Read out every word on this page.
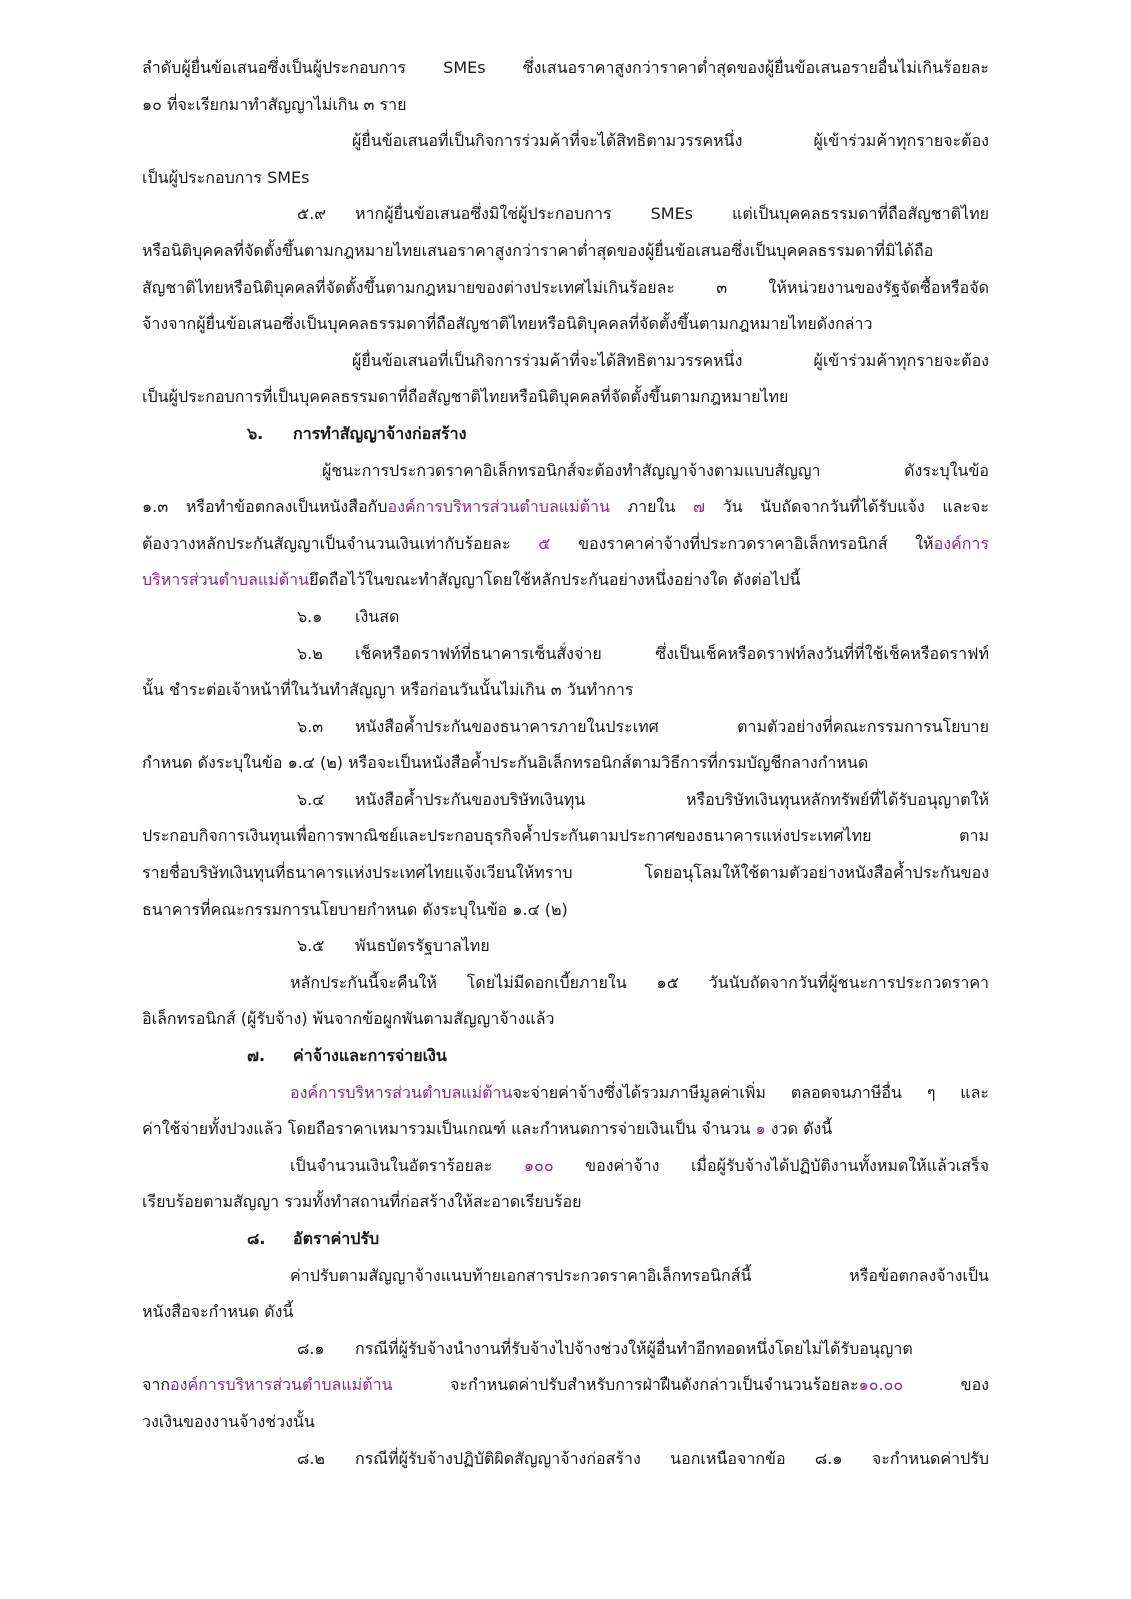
ลำดับผู้ยื่นข้อเสนอซึ่งเป็นผู้ประกอบการ SMEs ซึ่งเสนอราคาสูงกว่าราคาต่ำสุดของผู้ยื่นข้อเสนอรายอื่นไม่เกินร้อยละ
๑๐ ที่จะเรียกมาทำสัญญาไม่เกิน ๓ ราย
ผู้ยื่นข้อเสนอที่เป็นกิจการร่วมค้าที่จะได้สิทธิตามวรรคหนึ่ง ผู้เข้าร่วมค้าทุกรายจะต้อง
เป็นผู้ประกอบการ SMEs
๕.๙ หากผู้ยื่นข้อเสนอซึ่งมิใช่ผู้ประกอบการ SMEs แต่เป็นบุคคลธรรมดาที่ถือสัญชาติไทย
หรือนิติบุคคลที่จัดตั้งขึ้นตามกฎหมายไทยเสนอราคาสูงกว่าราคาต่ำสุดของผู้ยื่นข้อเสนอซึ่งเป็นบุคคลธรรมดาที่มิได้ถือ
สัญชาติไทยหรือนิติบุคคลที่จัดตั้งขึ้นตามกฎหมายของต่างประเทศไม่เกินร้อยละ ๓ ให้หน่วยงานของรัฐจัดซื้อหรือจัด
จ้างจากผู้ยื่นข้อเสนอซึ่งเป็นบุคคลธรรมดาที่ถือสัญชาติไทยหรือนิติบุคคลที่จัดตั้งขึ้นตามกฎหมายไทยดังกล่าว
ผู้ยื่นข้อเสนอที่เป็นกิจการร่วมค้าที่จะได้สิทธิตามวรรคหนึ่ง ผู้เข้าร่วมค้าทุกรายจะต้อง
เป็นผู้ประกอบการที่เป็นบุคคลธรรมดาที่ถือสัญชาติไทยหรือนิติบุคคลที่จัดตั้งขึ้นตามกฎหมายไทย
๖. การทำสัญญาจ้างก่อสร้าง
ผู้ชนะการประกวดราคาอิเล็กทรอนิกส์จะต้องทำสัญญาจ้างตามแบบสัญญา ดังระบุในข้อ
๑.๓ หรือทำข้อตกลงเป็นหนังสือกับองค์การบริหารส่วนตำบลแม่ต้าน ภายใน ๗ วัน นับถัดจากวันที่ได้รับแจ้ง และจะ
ต้องวางหลักประกันสัญญาเป็นจำนวนเงินเท่ากับร้อยละ ๕ ของราคาค่าจ้างที่ประกวดราคาอิเล็กทรอนิกส์ ให้องค์การ
บริหารส่วนตำบลแม่ต้านยึดถือไว้ในขณะทำสัญญาโดยใช้หลักประกันอย่างหนึ่งอย่างใด ดังต่อไปนี้
๖.๑ เงินสด
๖.๒ เช็คหรือดราฟท์ที่ธนาคารเซ็นสั่งจ่าย ซึ่งเป็นเช็คหรือดราฟท์ลงวันที่ที่ใช้เช็คหรือดราฟท์
นั้น ชำระต่อเจ้าหน้าที่ในวันทำสัญญา หรือก่อนวันนั้นไม่เกิน ๓ วันทำการ
๖.๓ หนังสือค้ำประกันของธนาคารภายในประเทศ ตามตัวอย่างที่คณะกรรมการนโยบาย
กำหนด ดังระบุในข้อ ๑.๔ (๒) หรือจะเป็นหนังสือค้ำประกันอิเล็กทรอนิกส์ตามวิธีการที่กรมบัญชีกลางกำหนด
๖.๔ หนังสือค้ำประกันของบริษัทเงินทุน หรือบริษัทเงินทุนหลักทรัพย์ที่ได้รับอนุญาตให้
ประกอบกิจการเงินทุนเพื่อการพาณิชย์และประกอบธุรกิจค้ำประกันตามประกาศของธนาคารแห่งประเทศไทย ตาม
รายชื่อบริษัทเงินทุนที่ธนาคารแห่งประเทศไทยแจ้งเวียนให้ทราบ โดยอนุโลมให้ใช้ตามตัวอย่างหนังสือค้ำประกันของ
ธนาคารที่คณะกรรมการนโยบายกำหนด ดังระบุในข้อ ๑.๔ (๒)
๖.๕ พันธบัตรรัฐบาลไทย
หลักประกันนี้จะคืนให้ โดยไม่มีดอกเบี้ยภายใน ๑๕ วันนับถัดจากวันที่ผู้ชนะการประกวดราคา
อิเล็กทรอนิกส์ (ผู้รับจ้าง) พ้นจากข้อผูกพันตามสัญญาจ้างแล้ว
๗. ค่าจ้างและการจ่ายเงิน
องค์การบริหารส่วนตำบลแม่ต้านจะจ่ายค่าจ้างซึ่งได้รวมภาษีมูลค่าเพิ่ม ตลอดจนภาษีอื่น ๆ และ
ค่าใช้จ่ายทั้งปวงแล้ว โดยถือราคาเหมารวมเป็นเกณฑ์ และกำหนดการจ่ายเงินเป็น จำนวน ๑ งวด ดังนี้
เป็นจำนวนเงินในอัตราร้อยละ ๑๐๐ ของค่าจ้าง เมื่อผู้รับจ้างได้ปฏิบัติงานทั้งหมดให้แล้วเสร็จ
เรียบร้อยตามสัญญา รวมทั้งทำสถานที่ก่อสร้างให้สะอาดเรียบร้อย
๘. อัตราค่าปรับ
ค่าปรับตามสัญญาจ้างแนบท้ายเอกสารประกวดราคาอิเล็กทรอนิกส์นี้ หรือข้อตกลงจ้างเป็น
หนังสือจะกำหนด ดังนี้
๘.๑ กรณีที่ผู้รับจ้างนำงานที่รับจ้างไปจ้างช่วงให้ผู้อื่นทำอีกทอดหนึ่งโดยไม่ได้รับอนุญาต
จากองค์การบริหารส่วนตำบลแม่ต้าน จะกำหนดค่าปรับสำหรับการฝ่าฝืนดังกล่าวเป็นจำนวนร้อยละ๑๐.๐๐ ของ
วงเงินของงานจ้างช่วงนั้น
๘.๒ กรณีที่ผู้รับจ้างปฏิบัติผิดสัญญาจ้างก่อสร้าง นอกเหนือจากข้อ ๘.๑ จะกำหนดค่าปรับ
